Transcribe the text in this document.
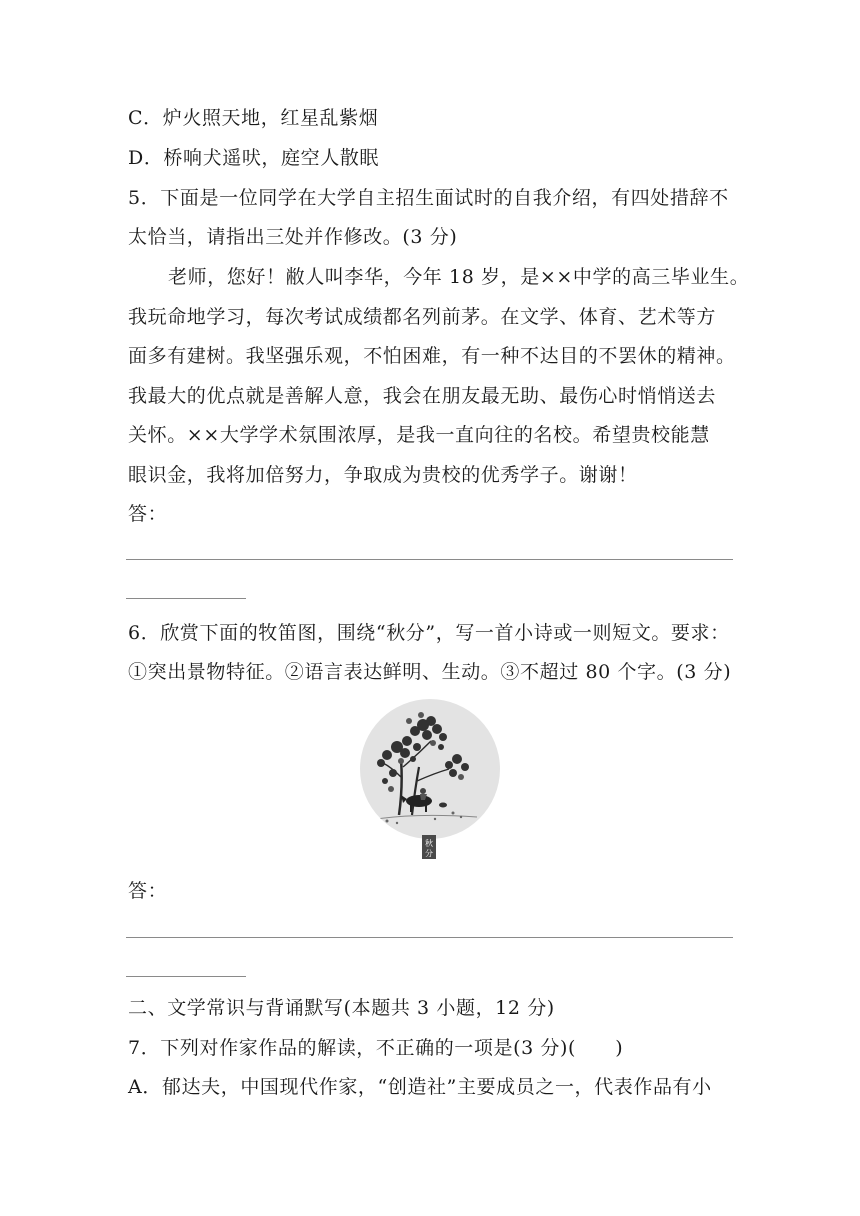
C．炉火照天地，红星乱紫烟
D．桥响犬遥吠，庭空人散眠
5．下面是一位同学在大学自主招生面试时的自我介绍，有四处措辞不
太恰当，请指出三处并作修改。(3 分)
老师，您好！敝人叫李华，今年 18 岁，是××中学的高三毕业生。
我玩命地学习，每次考试成绩都名列前茅。在文学、体育、艺术等方
面多有建树。我坚强乐观，不怕困难，有一种不达目的不罢休的精神。
我最大的优点就是善解人意，我会在朋友最无助、最伤心时悄悄送去
关怀。××大学学术氛围浓厚，是我一直向往的名校。希望贵校能慧
眼识金，我将加倍努力，争取成为贵校的优秀学子。谢谢！
答：
6．欣赏下面的牧笛图，围绕“秋分”，写一首小诗或一则短文。要求：
①突出景物特征。②语言表达鲜明、生动。③不超过 80 个字。(3 分)
秋
分
答：
二、文学常识与背诵默写(本题共 3 小题，12 分)
7．下列对作家作品的解读，不正确的一项是(3 分)(　　)
A．郁达夫，中国现代作家，“创造社”主要成员之一，代表作品有小
